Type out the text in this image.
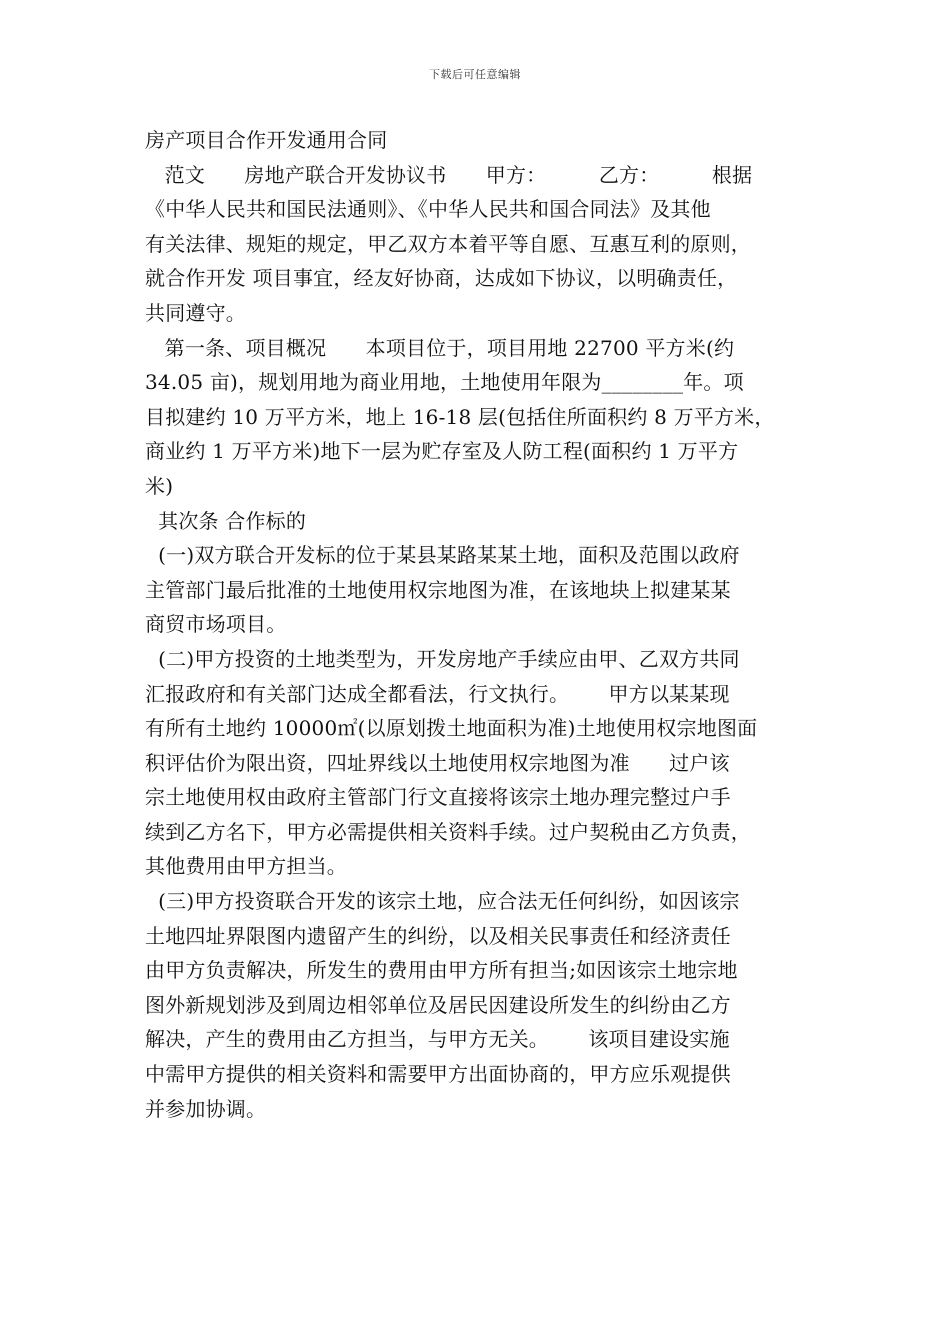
下载后可任意编辑
房产项目合作开发通用合同
范文      房地产联合开发协议书      甲方：        乙方：        根据
《中华人民共和国民法通则》、《中华人民共和国合同法》及其他
有关法律、规矩的规定，甲乙双方本着平等自愿、互惠互利的原则，
就合作开发 项目事宜，经友好协商，达成如下协议，以明确责任，
共同遵守。
第一条、项目概况      本项目位于，项目用地 22700 平方米(约
34.05 亩)，规划用地为商业用地，土地使用年限为________年。项
目拟建约 10 万平方米，地上 16-18 层(包括住所面积约 8 万平方米，
商业约 1 万平方米)地下一层为贮存室及人防工程(面积约 1 万平方
米)
其次条 合作标的
(一)双方联合开发标的位于某县某路某某土地，面积及范围以政府
主管部门最后批准的土地使用权宗地图为准，在该地块上拟建某某
商贸市场项目。
(二)甲方投资的土地类型为，开发房地产手续应由甲、乙双方共同
汇报政府和有关部门达成全都看法，行文执行。      甲方以某某现
有所有土地约 10000㎡(以原划拨土地面积为准)土地使用权宗地图面
积评估价为限出资，四址界线以土地使用权宗地图为准      过户该
宗土地使用权由政府主管部门行文直接将该宗土地办理完整过户手
续到乙方名下，甲方必需提供相关资料手续。过户契税由乙方负责，
其他费用由甲方担当。
(三)甲方投资联合开发的该宗土地，应合法无任何纠纷，如因该宗
土地四址界限图内遗留产生的纠纷，以及相关民事责任和经济责任
由甲方负责解决，所发生的费用由甲方所有担当;如因该宗土地宗地
图外新规划涉及到周边相邻单位及居民因建设所发生的纠纷由乙方
解决，产生的费用由乙方担当，与甲方无关。      该项目建设实施
中需甲方提供的相关资料和需要甲方出面协商的，甲方应乐观提供
并参加协调。
